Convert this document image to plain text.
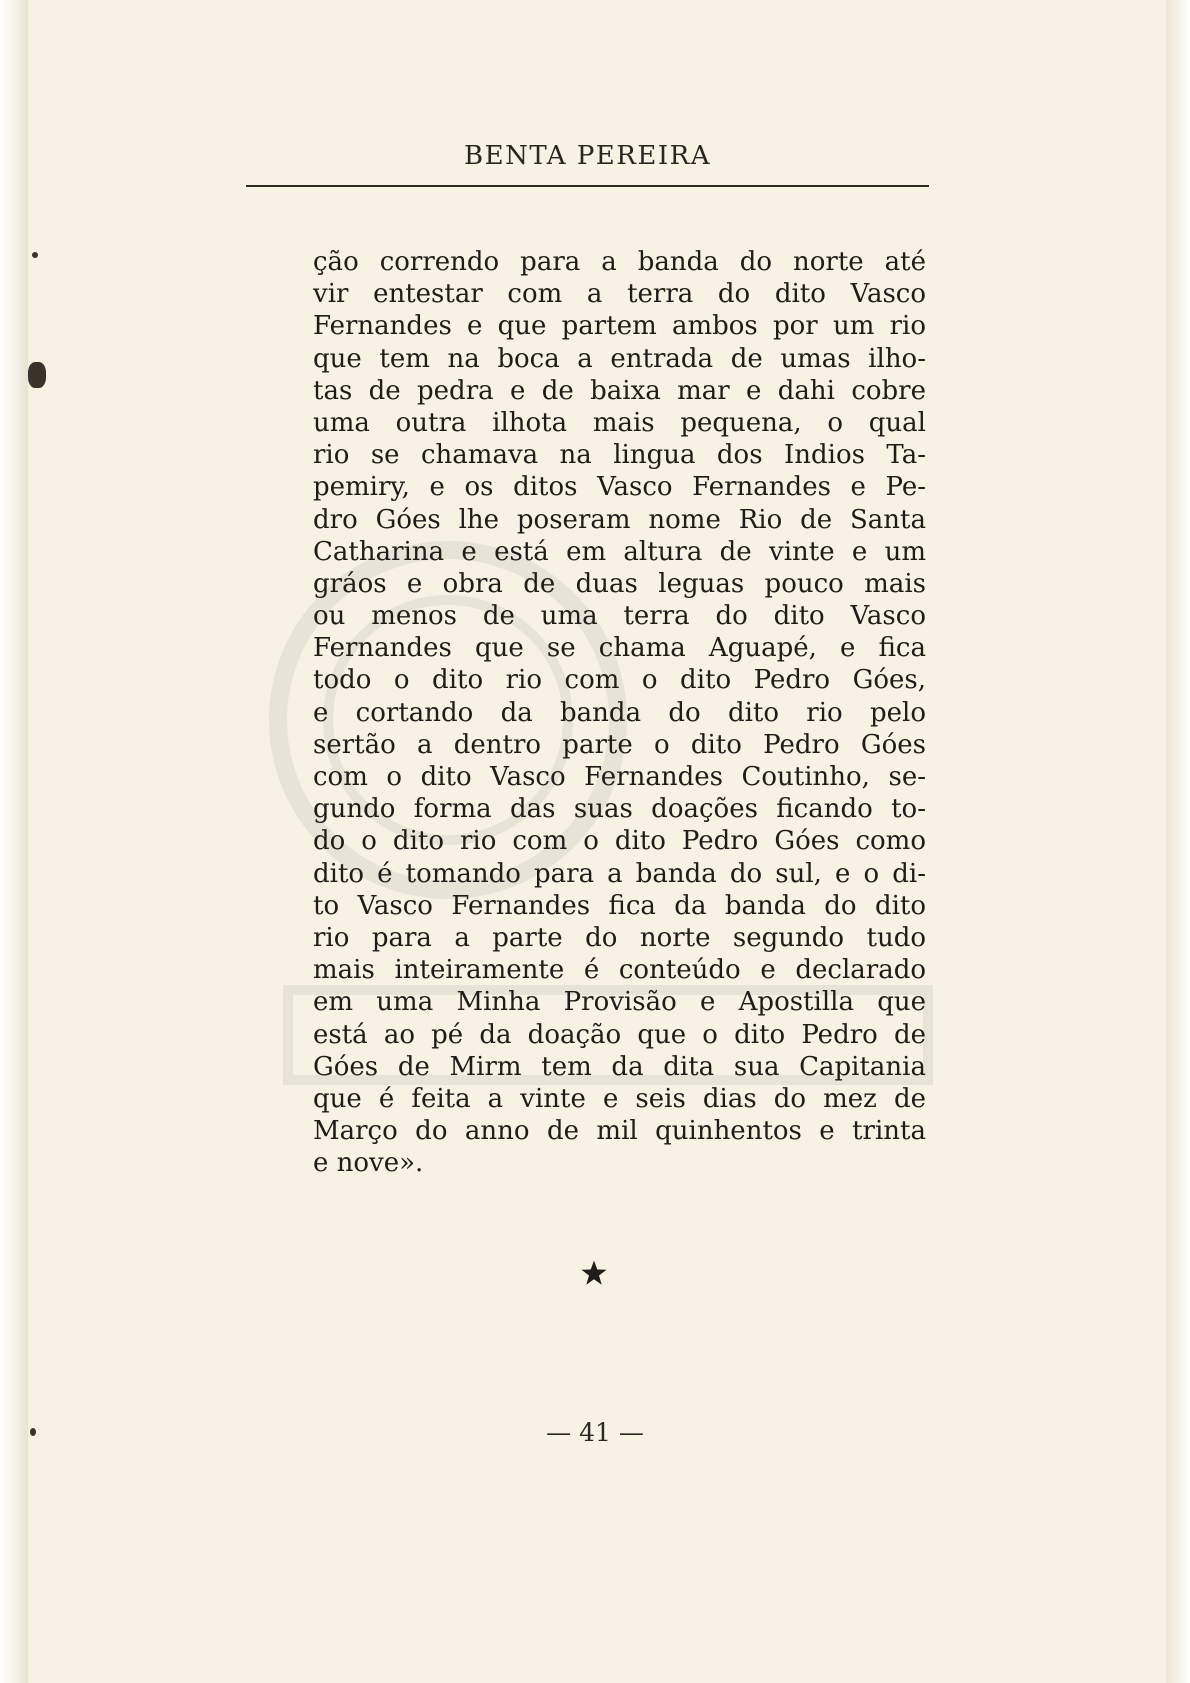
BENTA PEREIRA
ção correndo para a banda do norte até
vir entestar com a terra do dito Vasco
Fernandes e que partem ambos por um rio
que tem na boca a entrada de umas ilho-
tas de pedra e de baixa mar e dahi cobre
uma outra ilhota mais pequena, o qual
rio se chamava na lingua dos Indios Ta-
pemiry, e os ditos Vasco Fernandes e Pe-
dro Góes lhe poseram nome Rio de Santa
Catharina e está em altura de vinte e um
gráos e obra de duas leguas pouco mais
ou menos de uma terra do dito Vasco
Fernandes que se chama Aguapé, e fica
todo o dito rio com o dito Pedro Góes,
e cortando da banda do dito rio pelo
sertão a dentro parte o dito Pedro Góes
com o dito Vasco Fernandes Coutinho, se-
gundo forma das suas doações ficando to-
do o dito rio com o dito Pedro Góes como
dito é tomando para a banda do sul, e o di-
to Vasco Fernandes fica da banda do dito
rio para a parte do norte segundo tudo
mais inteiramente é conteúdo e declarado
em uma Minha Provisão e Apostilla que
está ao pé da doação que o dito Pedro de
Góes de Mirm tem da dita sua Capitania
que é feita a vinte e seis dias do mez de
Março do anno de mil quinhentos e trinta
e nove».
— 41 —
